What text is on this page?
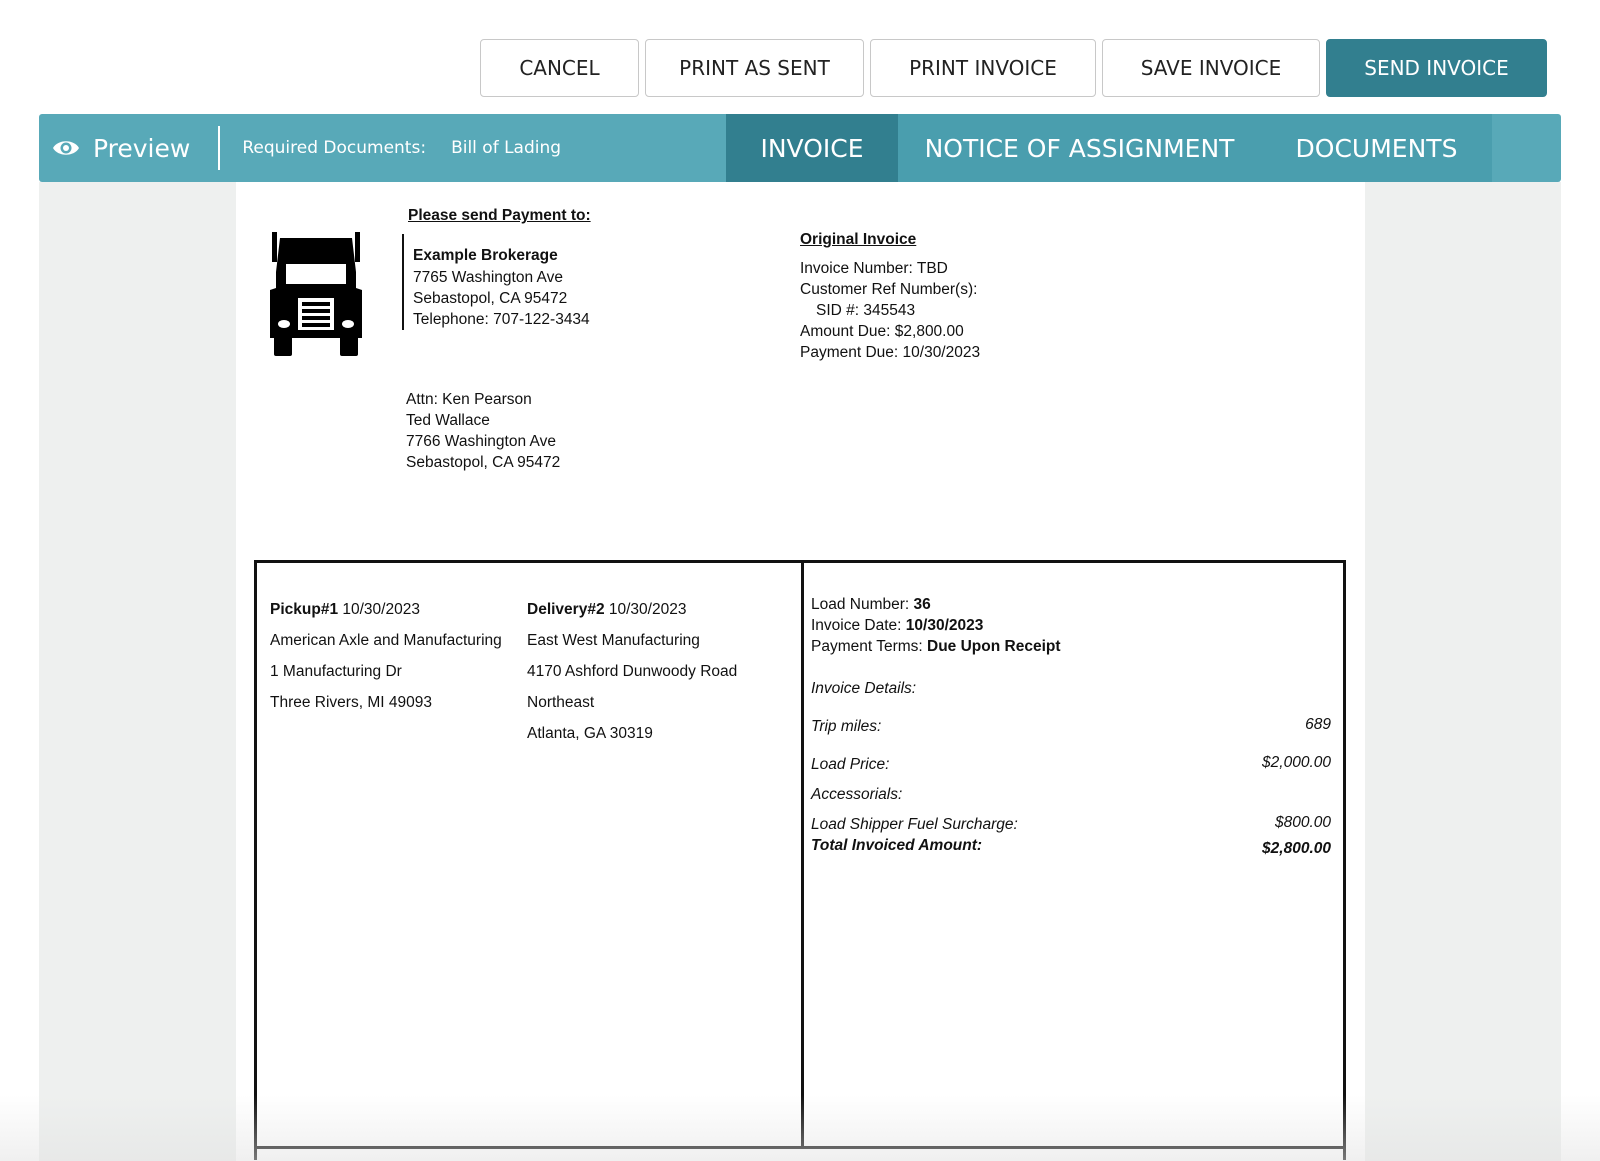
CANCEL	PRINT AS SENT	PRINT INVOICE	SAVE INVOICE	SEND INVOICE
Preview	Required Documents: Bill of Lading	INVOICE	NOTICE OF ASSIGNMENT	DOCUMENTS
Please send Payment to:
Example Brokerage
7765 Washington Ave
Sebastopol, CA 95472
Telephone: 707-122-3434
Original Invoice
Invoice Number: TBD
Customer Ref Number(s):
SID #: 345543
Amount Due: $2,800.00
Payment Due: 10/30/2023
Attn: Ken Pearson
Ted Wallace
7766 Washington Ave
Sebastopol, CA 95472
Pickup#1 10/30/2023
American Axle and Manufacturing
1 Manufacturing Dr
Three Rivers, MI 49093
Delivery#2 10/30/2023
East West Manufacturing
4170 Ashford Dunwoody Road
Northeast
Atlanta, GA 30319
Load Number: 36
Invoice Date: 10/30/2023
Payment Terms: Due Upon Receipt
Invoice Details:
Trip miles:	689
Load Price:	$2,000.00
Accessorials:
Load Shipper Fuel Surcharge:	$800.00
Total Invoiced Amount:	$2,800.00
